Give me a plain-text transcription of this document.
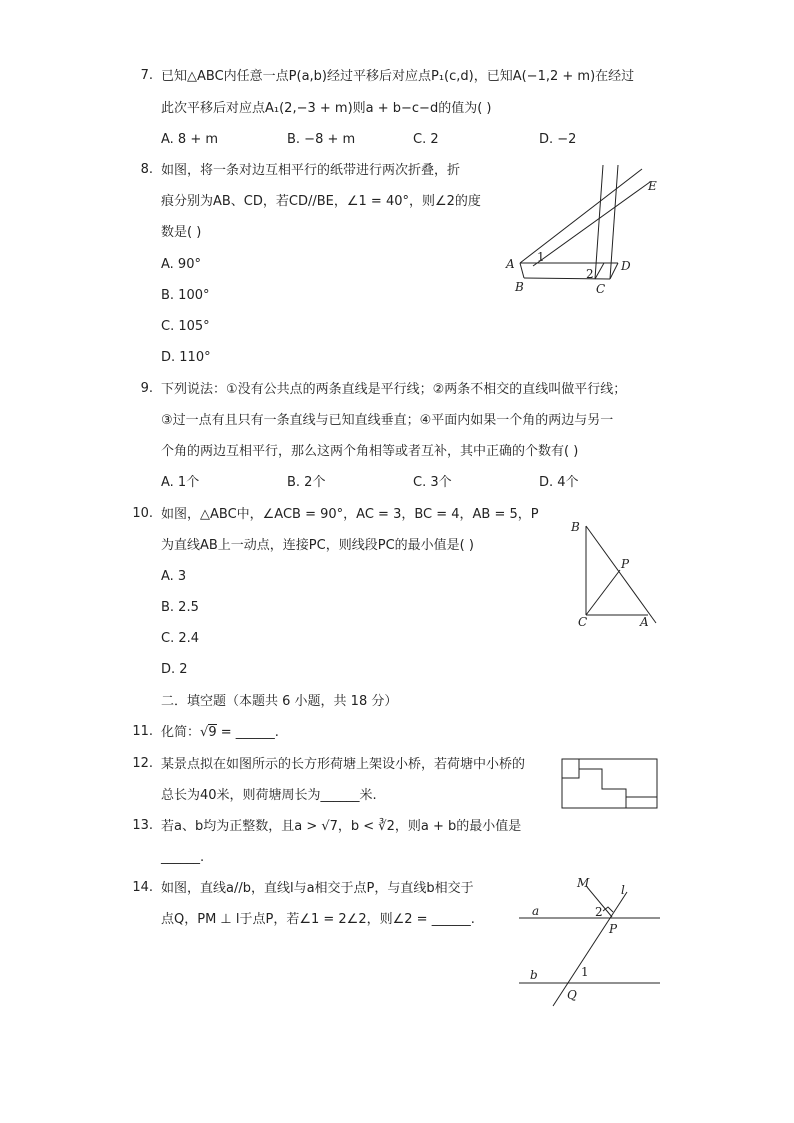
7. 已知△ABC内任意一点P(a,b)经过平移后对应点P₁(c,d)，已知A(−1,2 + m)在经过
此次平移后对应点A₁(2,−3 + m)则a + b−c−d的值为( )
A. 8 + m	B. −8 + m	C. 2	D. −2
8. 如图，将一条对边互相平行的纸带进行两次折叠，折
痕分别为AB、CD，若CD//BE，∠1 = 40°，则∠2的度
数是( )
A. 90°
B. 100°
C. 105°
D. 110°
A
B	C
D
E
1
2
9. 下列说法：①没有公共点的两条直线是平行线；②两条不相交的直线叫做平行线；
③过一点有且只有一条直线与已知直线垂直；④平面内如果一个角的两边与另一
个角的两边互相平行，那么这两个角相等或者互补，其中正确的个数有( )
A. 1个	B. 2个	C. 3个	D. 4个
10. 如图，△ABC中，∠ACB = 90°，AC = 3，BC = 4，AB = 5，P
为直线AB上一动点，连接PC，则线段PC的最小值是( )
A. 3
B. 2.5
C. 2.4
D. 2
B
P
C	A
二．填空题（本题共 6 小题，共 18 分）
11. 化简：√9 = ______.
12. 某景点拟在如图所示的长方形荷塘上架设小桥，若荷塘中小桥的
总长为40米，则荷塘周长为______米.
13. 若a、b均为正整数，且a > √7，b < ∛2，则a + b的最小值是
______.
14. 如图，直线a//b，直线l与a相交于点P，与直线b相交于
点Q，PM ⊥ l于点P，若∠1 = 2∠2，则∠2 = ______.
M	l
a	2
P
b	1
Q
